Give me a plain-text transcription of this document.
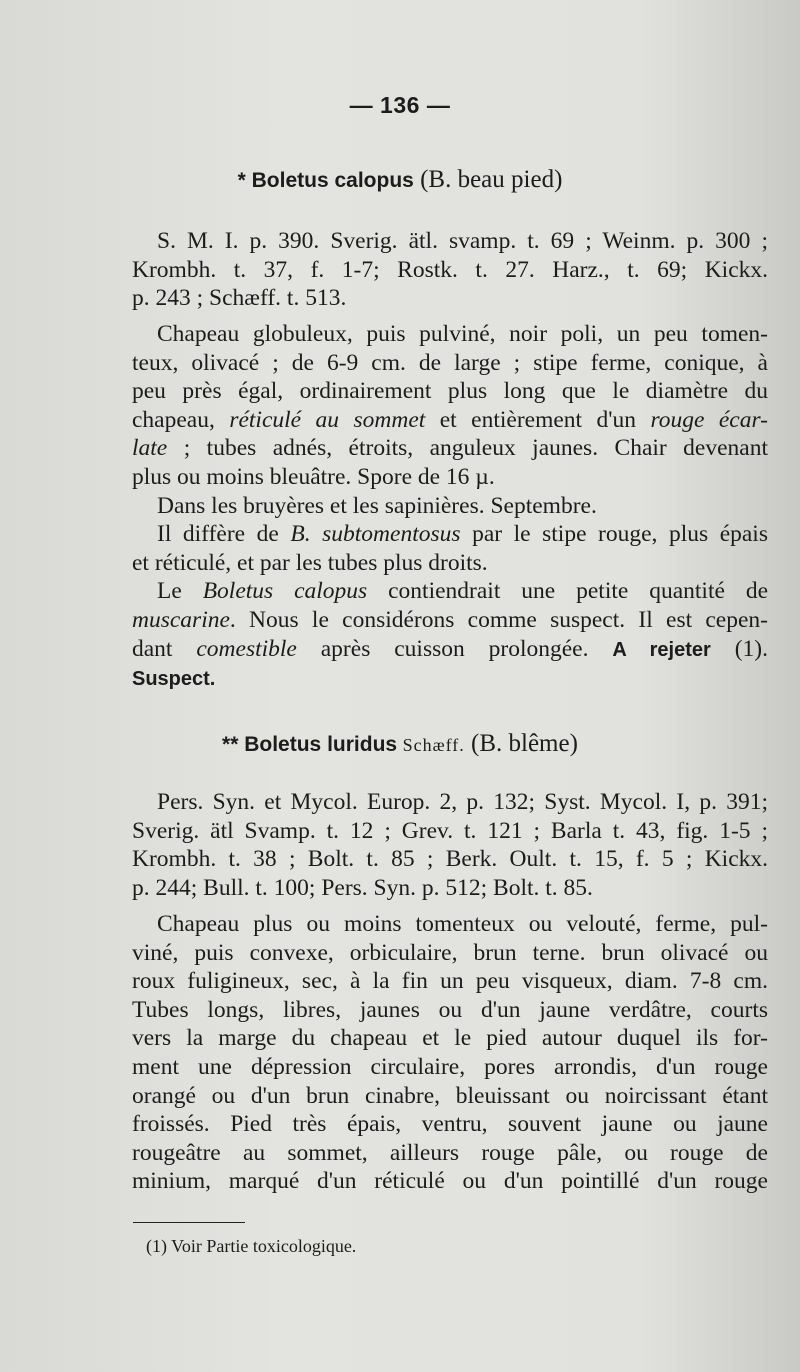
— 136 —
* Boletus calopus (B. beau pied)
S. M. I. p. 390. Sverig. ätl. svamp. t. 69 ; Weinm. p. 300 ;
Krombh. t. 37, f. 1-7; Rostk. t. 27. Harz., t. 69; Kickx.
p. 243 ; Schæff. t. 513.
Chapeau globuleux, puis pulviné, noir poli, un peu tomen-
teux, olivacé ; de 6-9 cm. de large ; stipe ferme, conique, à
peu près égal, ordinairement plus long que le diamètre du
chapeau, réticulé au sommet et entièrement d'un rouge écar-
late ; tubes adnés, étroits, anguleux jaunes. Chair devenant
plus ou moins bleuâtre. Spore de 16 µ.
Dans les bruyères et les sapinières. Septembre.
Il diffère de B. subtomentosus par le stipe rouge, plus épais
et réticulé, et par les tubes plus droits.
Le Boletus calopus contiendrait une petite quantité de
muscarine. Nous le considérons comme suspect. Il est cepen-
dant comestible après cuisson prolongée. A rejeter (1).
Suspect.
** Boletus luridus Schæff. (B. blême)
Pers. Syn. et Mycol. Europ. 2, p. 132; Syst. Mycol. I, p. 391;
Sverig. ätl Svamp. t. 12 ; Grev. t. 121 ; Barla t. 43, fig. 1-5 ;
Krombh. t. 38 ; Bolt. t. 85 ; Berk. Oult. t. 15, f. 5 ; Kickx.
p. 244; Bull. t. 100; Pers. Syn. p. 512; Bolt. t. 85.
Chapeau plus ou moins tomenteux ou velouté, ferme, pul-
viné, puis convexe, orbiculaire, brun terne. brun olivacé ou
roux fuligineux, sec, à la fin un peu visqueux, diam. 7-8 cm.
Tubes longs, libres, jaunes ou d'un jaune verdâtre, courts
vers la marge du chapeau et le pied autour duquel ils for-
ment une dépression circulaire, pores arrondis, d'un rouge
orangé ou d'un brun cinabre, bleuissant ou noircissant étant
froissés. Pied très épais, ventru, souvent jaune ou jaune
rougeâtre au sommet, ailleurs rouge pâle, ou rouge de
minium, marqué d'un réticulé ou d'un pointillé d'un rouge
(1) Voir Partie toxicologique.
